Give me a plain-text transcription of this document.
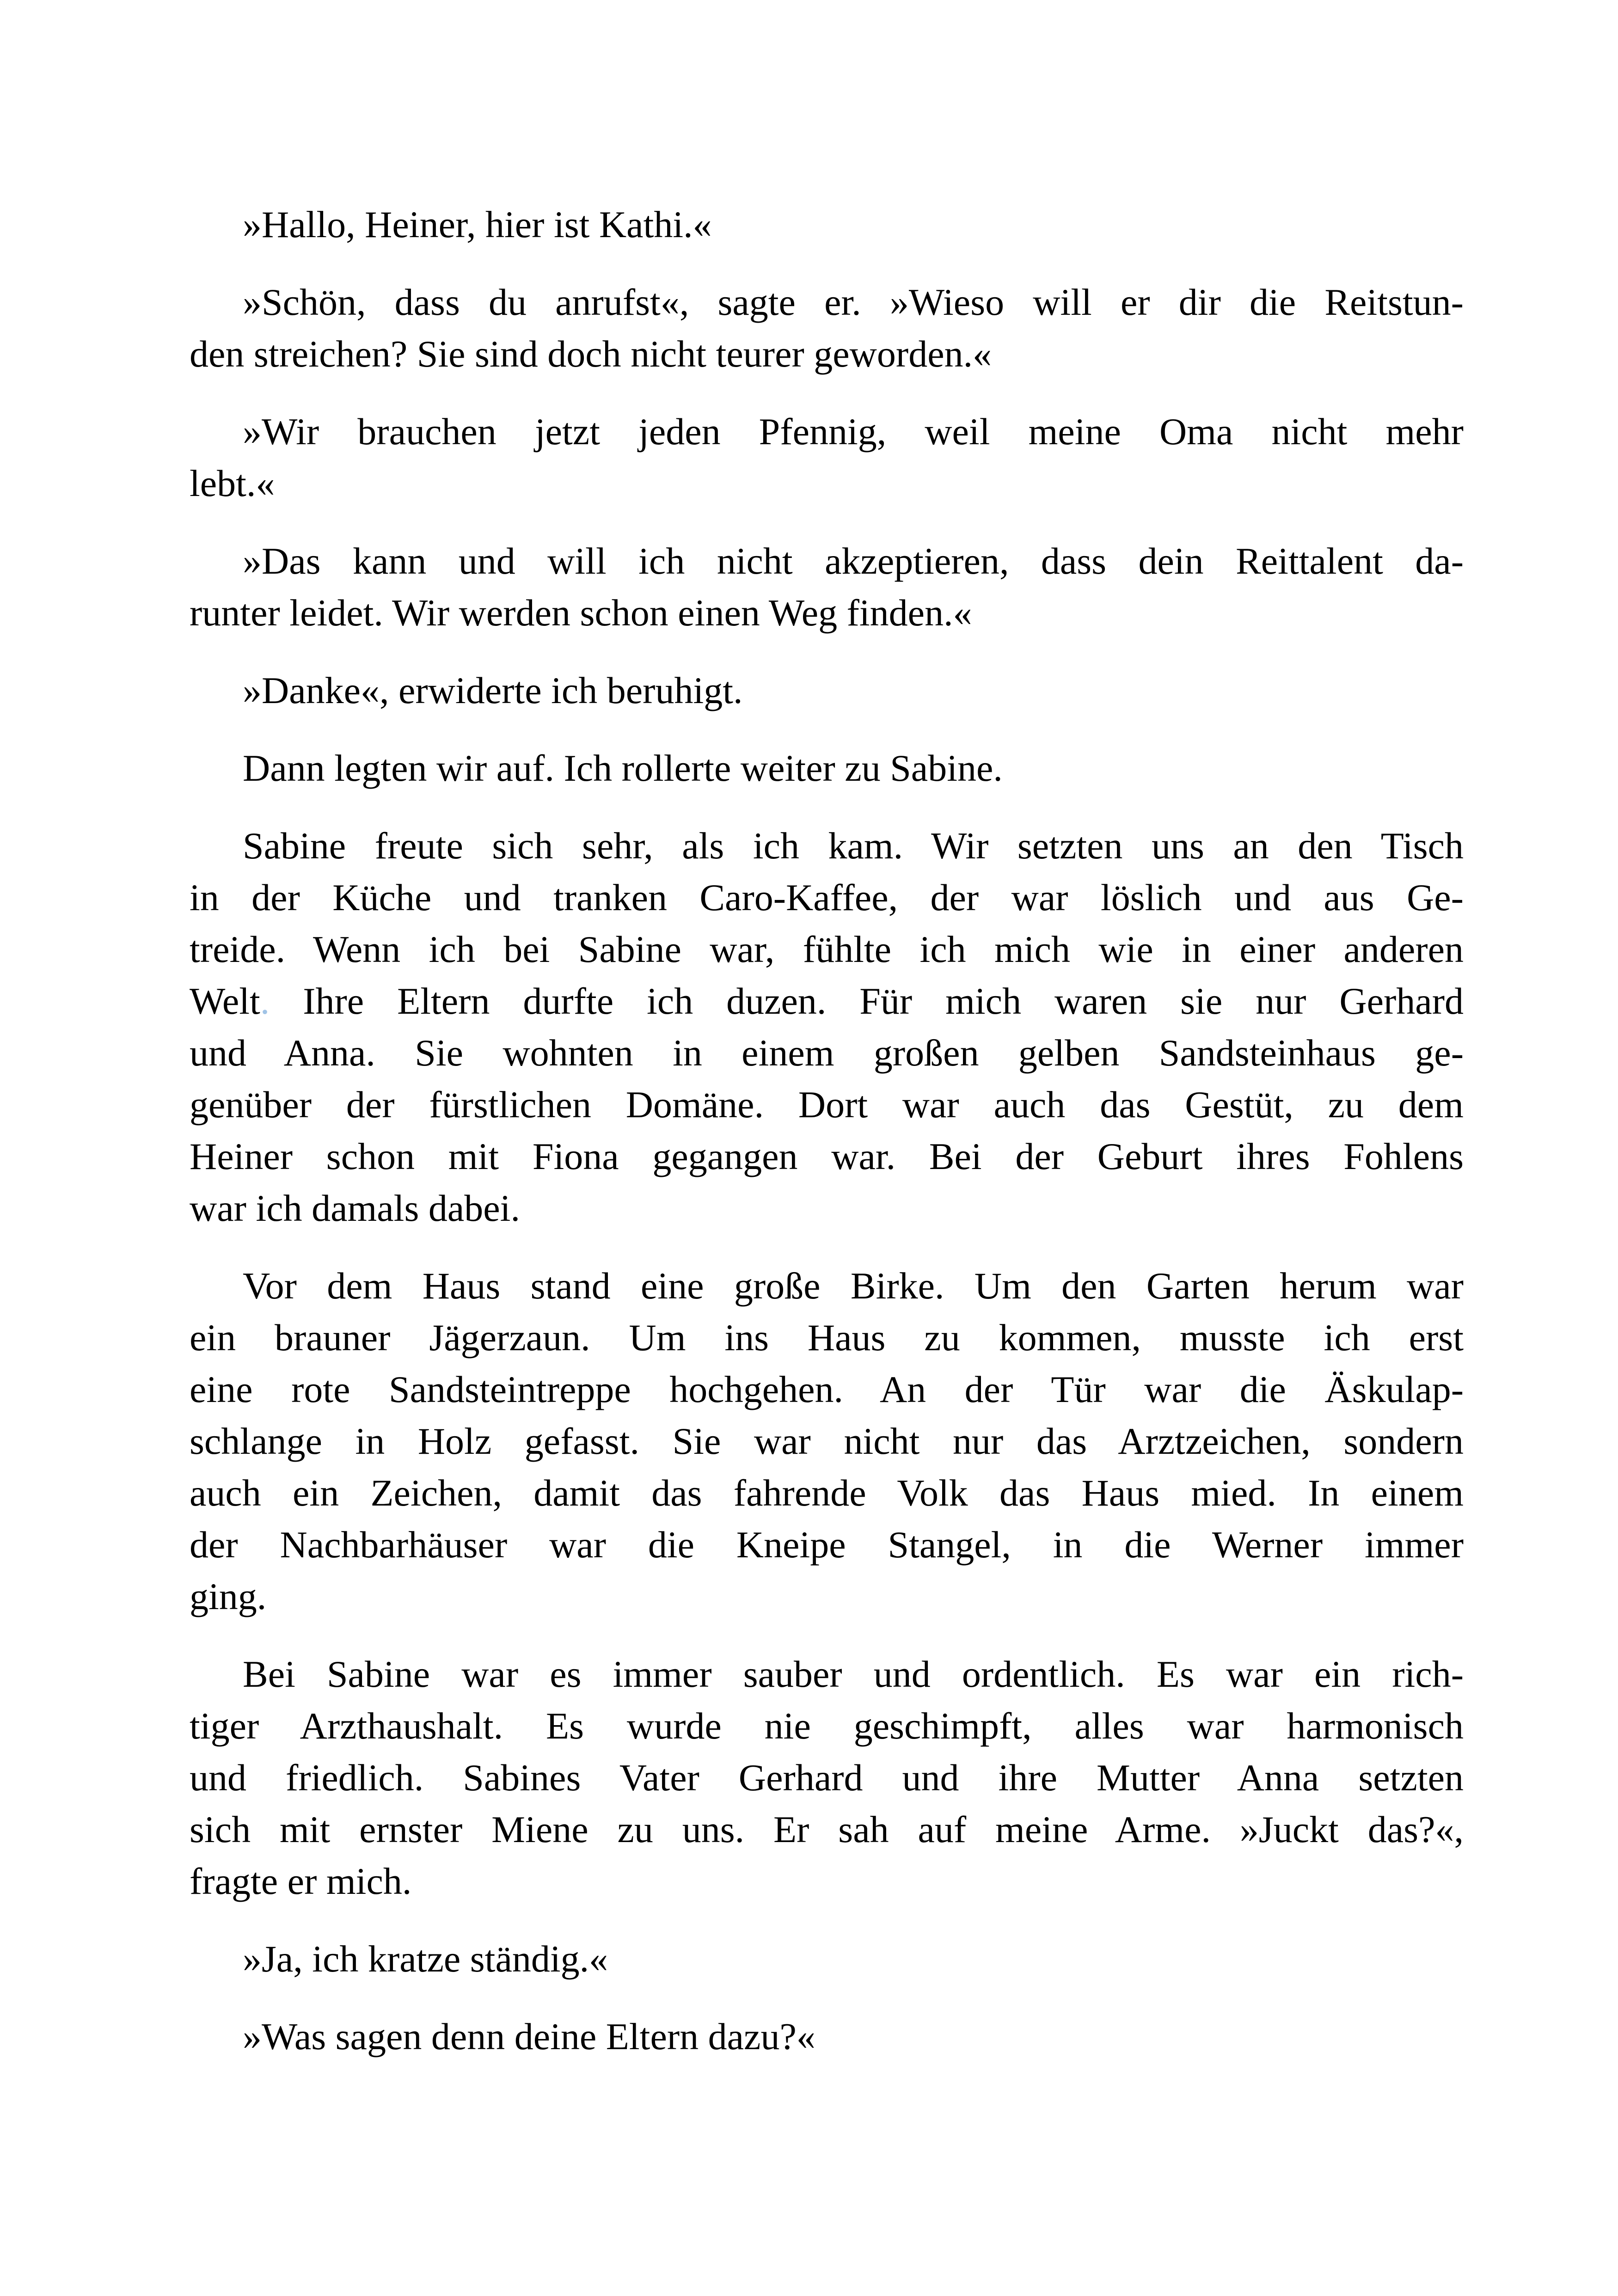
»Hallo, Heiner, hier ist Kathi.«
»Schön, dass du anrufst«, sagte er. »Wieso will er dir die Reitstun-
den streichen? Sie sind doch nicht teurer geworden.«
»Wir brauchen jetzt jeden Pfennig, weil meine Oma nicht mehr
lebt.«
»Das kann und will ich nicht akzeptieren, dass dein Reittalent da-
runter leidet. Wir werden schon einen Weg finden.«
»Danke«, erwiderte ich beruhigt.
Dann legten wir auf. Ich rollerte weiter zu Sabine.
Sabine freute sich sehr, als ich kam. Wir setzten uns an den Tisch
in der Küche und tranken Caro-Kaffee, der war löslich und aus Ge-
treide. Wenn ich bei Sabine war, fühlte ich mich wie in einer anderen
Welt. Ihre Eltern durfte ich duzen. Für mich waren sie nur Gerhard
und Anna. Sie wohnten in einem großen gelben Sandsteinhaus ge-
genüber der fürstlichen Domäne. Dort war auch das Gestüt, zu dem
Heiner schon mit Fiona gegangen war. Bei der Geburt ihres Fohlens
war ich damals dabei.
Vor dem Haus stand eine große Birke. Um den Garten herum war
ein brauner Jägerzaun. Um ins Haus zu kommen, musste ich erst
eine rote Sandsteintreppe hochgehen. An der Tür war die Äskulap-
schlange in Holz gefasst. Sie war nicht nur das Arztzeichen, sondern
auch ein Zeichen, damit das fahrende Volk das Haus mied. In einem
der Nachbarhäuser war die Kneipe Stangel, in die Werner immer
ging.
Bei Sabine war es immer sauber und ordentlich. Es war ein rich-
tiger Arzthaushalt. Es wurde nie geschimpft, alles war harmonisch
und friedlich. Sabines Vater Gerhard und ihre Mutter Anna setzten
sich mit ernster Miene zu uns. Er sah auf meine Arme. »Juckt das?«,
fragte er mich.
»Ja, ich kratze ständig.«
»Was sagen denn deine Eltern dazu?«
